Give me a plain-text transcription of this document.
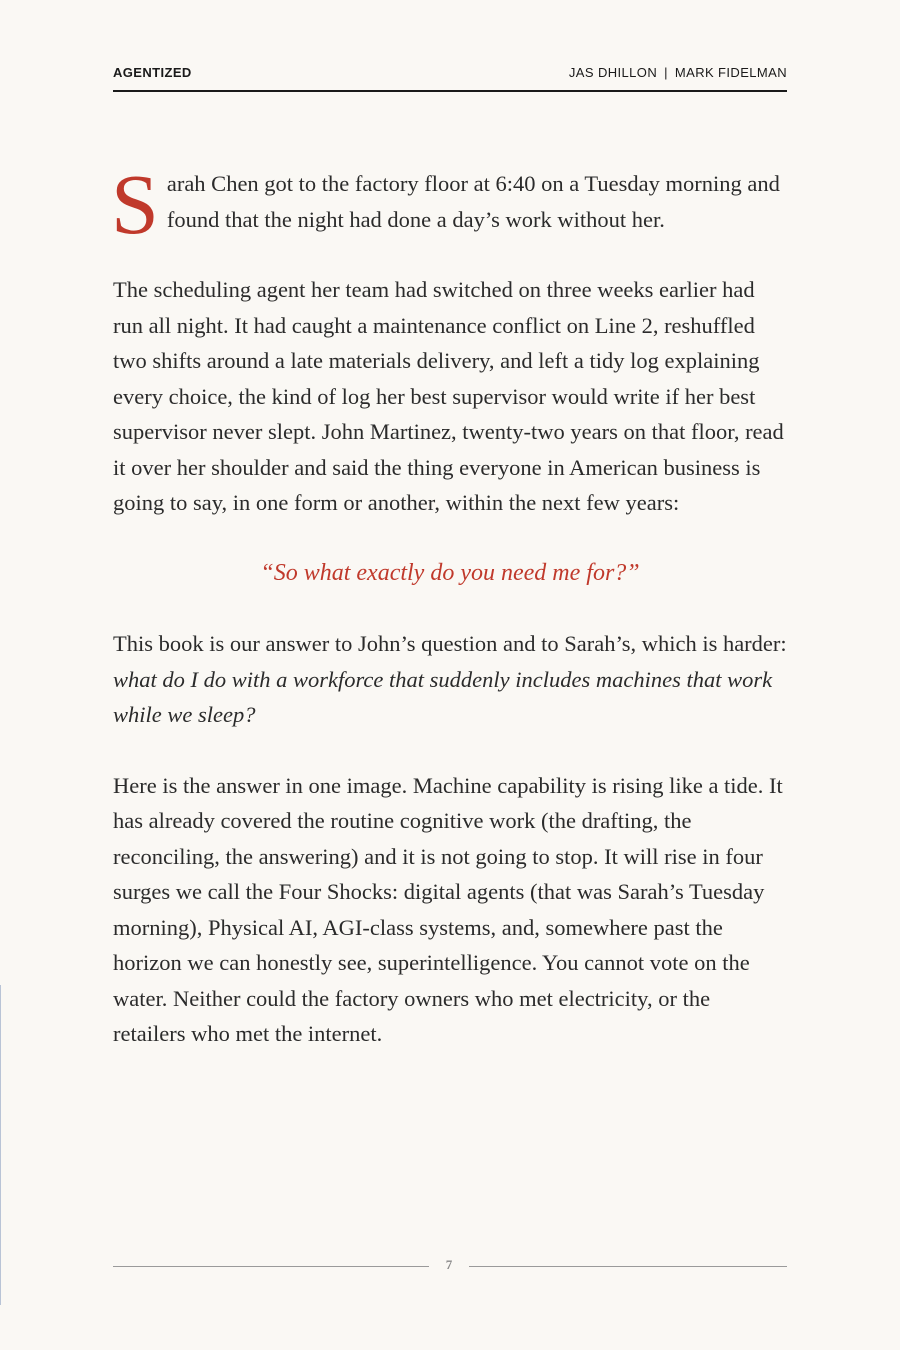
AGENTIZED	JAS DHILLON | MARK FIDELMAN

Sarah Chen got to the factory floor at 6:40 on a Tuesday morning and found that the night had done a day’s work without her.

The scheduling agent her team had switched on three weeks earlier had run all night. It had caught a maintenance conflict on Line 2, reshuffled two shifts around a late materials delivery, and left a tidy log explaining every choice, the kind of log her best supervisor would write if her best supervisor never slept. John Martinez, twenty-two years on that floor, read it over her shoulder and said the thing everyone in American business is going to say, in one form or another, within the next few years:

“So what exactly do you need me for?”

This book is our answer to John’s question and to Sarah’s, which is harder: what do I do with a workforce that suddenly includes machines that work while we sleep?

Here is the answer in one image. Machine capability is rising like a tide. It has already covered the routine cognitive work (the drafting, the reconciling, the answering) and it is not going to stop. It will rise in four surges we call the Four Shocks: digital agents (that was Sarah’s Tuesday morning), Physical AI, AGI-class systems, and, somewhere past the horizon we can honestly see, superintelligence. You cannot vote on the water. Neither could the factory owners who met electricity, or the retailers who met the internet.

7
